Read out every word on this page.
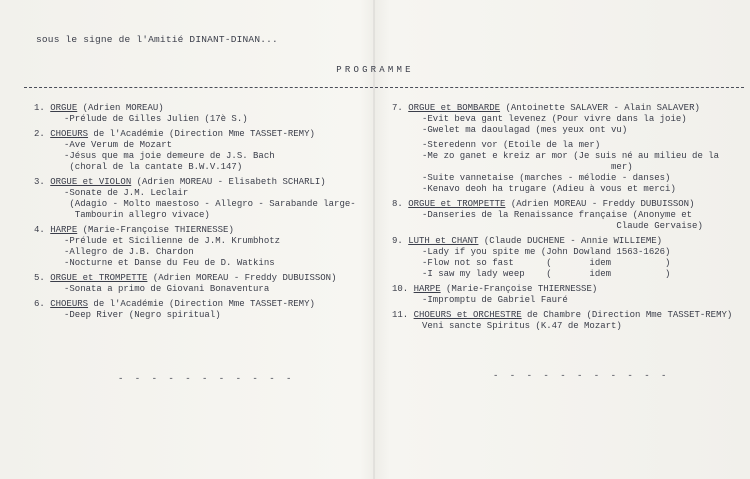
sous le signe de l'Amitié DINANT-DINAN...
PROGRAMME
1. ORGUE (Adrien MOREAU)
-Prélude de Gilles Julien (17è S.)
2. CHOEURS de l'Académie (Direction Mme TASSET-REMY)
-Ave Verum de Mozart
-Jésus que ma joie demeure de J.S. Bach
(choral de la cantate B.W.V.147)
3. ORGUE et VIOLON (Adrien MOREAU - Elisabeth SCHARLI)
-Sonate de J.M. Leclair
(Adagio - Molto maestoso - Allegro - Sarabande large-
Tambourin allegro vivace)
4. HARPE (Marie-Françoise THIERNESSE)
-Prélude et Sicilienne de J.M. Krumbhotz
-Allegro de J.B. Chardon
-Nocturne et Danse du Feu de D. Watkins
5. ORGUE et TROMPETTE (Adrien MOREAU - Freddy DUBUISSON)
-Sonata a primo de Giovani Bonaventura
6. CHOEURS de l'Académie (Direction Mme TASSET-REMY)
-Deep River (Negro spiritual)
7. ORGUE et BOMBARDE (Antoinette SALAVER - Alain SALAVER)
-Evit beva gant levenez (Pour vivre dans la joie)
-Gwelet ma daoulagad (mes yeux ont vu)
-Steredenn vor (Etoile de la mer)
-Me zo ganet e kreiz ar mor (Je suis né au milieu de la
mer)
-Suite vannetaise (marches - mélodie - danses)
-Kenavo deoh ha trugare (Adieu à vous et merci)
8. ORGUE et TROMPETTE (Adrien MOREAU - Freddy DUBUISSON)
-Danseries de la Renaissance française (Anonyme et
Claude Gervaise)
9. LUTH et CHANT (Claude DUCHENE - Annie WILLIEME)
-Lady if you spite me (John Dowland 1563-1626)
-Flow not so fast      (       idem          )
-I saw my lady weep    (       idem          )
10. HARPE (Marie-Françoise THIERNESSE)
-Impromptu de Gabriel Fauré
11. CHOEURS et ORCHESTRE de Chambre (Direction Mme TASSET-REMY)
Veni sancte Spiritus (K.47 de Mozart)
- - - - - - - - - - -	- - - - - - - - - - -
